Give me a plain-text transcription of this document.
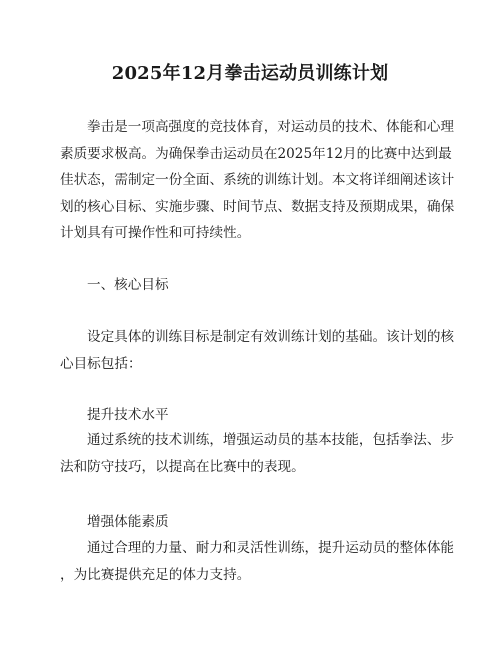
2025年12月拳击运动员训练计划
拳击是一项高强度的竞技体育，对运动员的技术、体能和心理
素质要求极高。为确保拳击运动员在2025年12月的比赛中达到最
佳状态，需制定一份全面、系统的训练计划。本文将详细阐述该计
划的核心目标、实施步骤、时间节点、数据支持及预期成果，确保
计划具有可操作性和可持续性。
一、核心目标
设定具体的训练目标是制定有效训练计划的基础。该计划的核
心目标包括：
提升技术水平
通过系统的技术训练，增强运动员的基本技能，包括拳法、步
法和防守技巧，以提高在比赛中的表现。
增强体能素质
通过合理的力量、耐力和灵活性训练，提升运动员的整体体能
，为比赛提供充足的体力支持。
